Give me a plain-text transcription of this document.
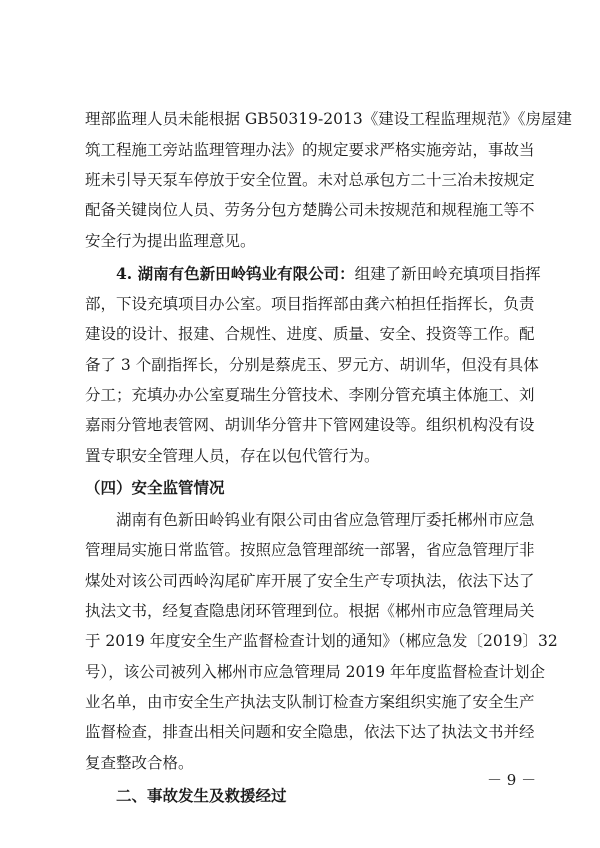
理部监理人员未能根据 GB50319-2013《建设工程监理规范》《房屋建
筑工程施工旁站监理管理办法》的规定要求严格实施旁站，事故当
班未引导天泵车停放于安全位置。未对总承包方二十三冶未按规定
配备关键岗位人员、劳务分包方楚腾公司未按规范和规程施工等不
安全行为提出监理意见。
4. 湖南有色新田岭钨业有限公司：组建了新田岭充填项目指挥
部，下设充填项目办公室。项目指挥部由龚六柏担任指挥长，负责
建设的设计、报建、合规性、进度、质量、安全、投资等工作。配
备了 3 个副指挥长，分别是蔡虎玉、罗元方、胡训华，但没有具体
分工；充填办办公室夏瑞生分管技术、李刚分管充填主体施工、刘
嘉雨分管地表管网、胡训华分管井下管网建设等。组织机构没有设
置专职安全管理人员，存在以包代管行为。
（四）安全监管情况
湖南有色新田岭钨业有限公司由省应急管理厅委托郴州市应急
管理局实施日常监管。按照应急管理部统一部署，省应急管理厅非
煤处对该公司西岭沟尾矿库开展了安全生产专项执法，依法下达了
执法文书，经复查隐患闭环管理到位。根据《郴州市应急管理局关
于 2019 年度安全生产监督检查计划的通知》（郴应急发〔2019〕32
号），该公司被列入郴州市应急管理局 2019 年年度监督检查计划企
业名单，由市安全生产执法支队制订检查方案组织实施了安全生产
监督检查，排查出相关问题和安全隐患，依法下达了执法文书并经
复查整改合格。
二、事故发生及救援经过
－ 9 －
